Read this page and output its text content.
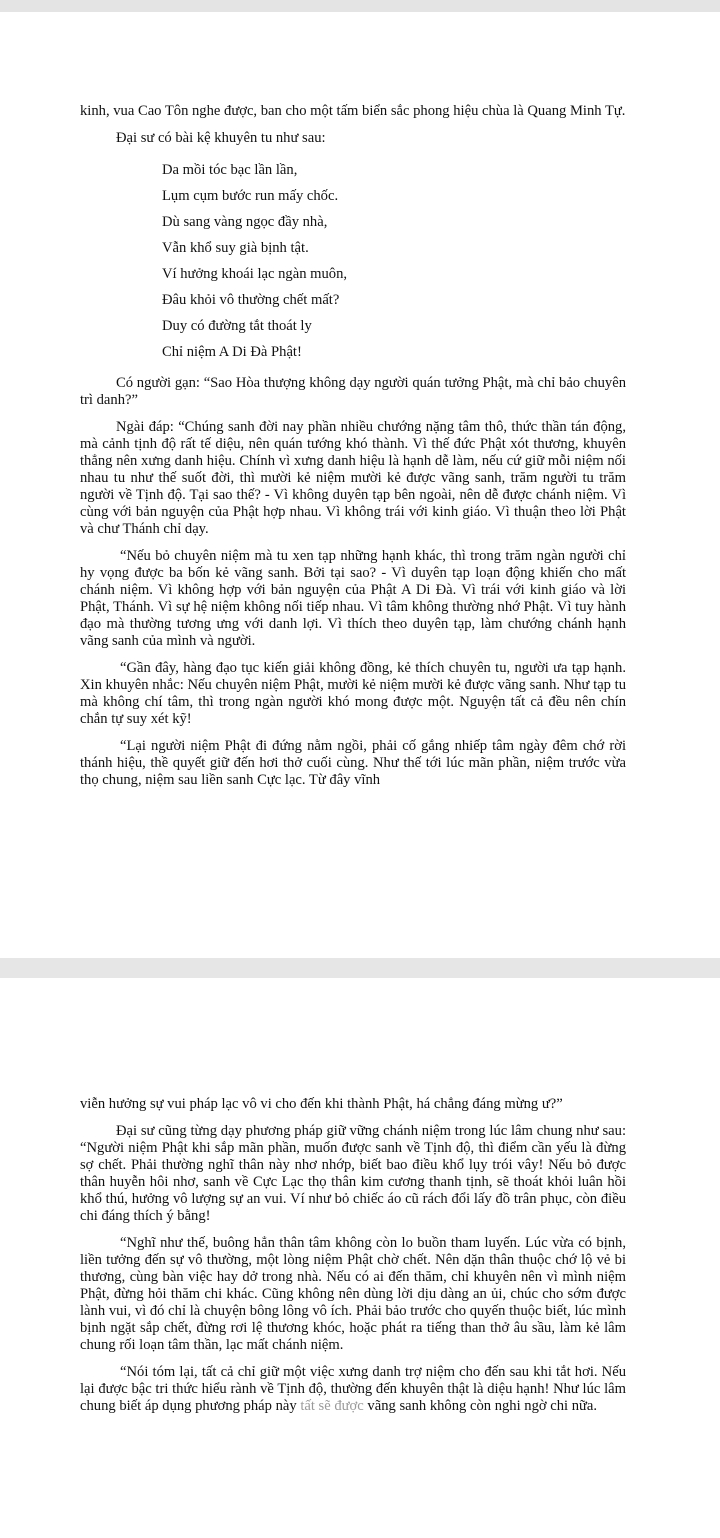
kinh, vua Cao Tôn nghe được, ban cho một tấm biển sắc phong hiệu chùa là Quang Minh Tự.

Đại sư có bài kệ khuyên tu như sau:

Da mồi tóc bạc lần lần,
Lụm cụm bước run mấy chốc.
Dù sang vàng ngọc đầy nhà,
Vẫn khổ suy già bịnh tật.
Ví hưởng khoái lạc ngàn muôn,
Đâu khỏi vô thường chết mất?
Duy có đường tắt thoát ly
Chỉ niệm A Di Đà Phật!

Có người gạn: “Sao Hòa thượng không dạy người quán tưởng Phật, mà chỉ bảo chuyên trì danh?”

Ngài đáp: “Chúng sanh đời nay phần nhiều chướng nặng tâm thô, thức thần tán động, mà cảnh tịnh độ rất tế diệu, nên quán tướng khó thành. Vì thế đức Phật xót thương, khuyên thẳng nên xưng danh hiệu. Chính vì xưng danh hiệu là hạnh dễ làm, nếu cứ giữ mỗi niệm nối nhau tu như thế suốt đời, thì mười kẻ niệm mười kẻ được vãng sanh, trăm người tu trăm người về Tịnh độ. Tại sao thế? - Vì không duyên tạp bên ngoài, nên dễ được chánh niệm. Vì cùng với bản nguyện của Phật hợp nhau. Vì không trái với kinh giáo. Vì thuận theo lời Phật và chư Thánh chỉ dạy.

“Nếu bỏ chuyên niệm mà tu xen tạp những hạnh khác, thì trong trăm ngàn người chỉ hy vọng được ba bốn kẻ vãng sanh. Bởi tại sao? - Vì duyên tạp loạn động khiến cho mất chánh niệm. Vì không hợp với bản nguyện của Phật A Di Đà. Vì trái với kinh giáo và lời Phật, Thánh. Vì sự hệ niệm không nối tiếp nhau. Vì tâm không thường nhớ Phật. Vì tuy hành đạo mà thường tương ưng với danh lợi. Vì thích theo duyên tạp, làm chướng chánh hạnh vãng sanh của mình và người.

“Gần đây, hàng đạo tục kiến giải không đồng, kẻ thích chuyên tu, người ưa tạp hạnh. Xin khuyên nhắc: Nếu chuyên niệm Phật, mười kẻ niệm mười kẻ được vãng sanh. Như tạp tu mà không chí tâm, thì trong ngàn người khó mong được một. Nguyện tất cả đều nên chín chắn tự suy xét kỹ!

“Lại người niệm Phật đi đứng nằm ngồi, phải cố gắng nhiếp tâm ngày đêm chớ rời thánh hiệu, thề quyết giữ đến hơi thở cuối cùng. Như thế tới lúc mãn phần, niệm trước vừa thọ chung, niệm sau liền sanh Cực lạc. Từ đây vĩnh

viễn hưởng sự vui pháp lạc vô vi cho đến khi thành Phật, há chẳng đáng mừng ư?”

Đại sư cũng từng dạy phương pháp giữ vững chánh niệm trong lúc lâm chung như sau: “Người niệm Phật khi sắp mãn phần, muốn được sanh về Tịnh độ, thì điểm cần yếu là đừng sợ chết. Phải thường nghĩ thân này nhơ nhớp, biết bao điều khổ lụy trói vây! Nếu bỏ được thân huyễn hôi nhơ, sanh về Cực Lạc thọ thân kim cương thanh tịnh, sẽ thoát khỏi luân hồi khổ thú, hưởng vô lượng sự an vui. Ví như bỏ chiếc áo cũ rách đổi lấy đồ trân phục, còn điều chi đáng thích ý bằng!

“Nghĩ như thế, buông hẳn thân tâm không còn lo buồn tham luyến. Lúc vừa có bịnh, liền tưởng đến sự vô thường, một lòng niệm Phật chờ chết. Nên dặn thân thuộc chớ lộ vẻ bi thương, cùng bàn việc hay dở trong nhà. Nếu có ai đến thăm, chỉ khuyên nên vì mình niệm Phật, đừng hỏi thăm chi khác. Cũng không nên dùng lời dịu dàng an ủi, chúc cho sớm được lành vui, vì đó chỉ là chuyện bông lông vô ích. Phải bảo trước cho quyến thuộc biết, lúc mình bịnh ngặt sắp chết, đừng rơi lệ thương khóc, hoặc phát ra tiếng than thở âu sầu, làm kẻ lâm chung rối loạn tâm thần, lạc mất chánh niệm.

“Nói tóm lại, tất cả chỉ giữ một việc xưng danh trợ niệm cho đến sau khi tắt hơi. Nếu lại được bậc tri thức hiểu rành về Tịnh độ, thường đến khuyên thật là diệu hạnh! Như lúc lâm chung biết áp dụng phương pháp này tất sẽ được vãng sanh không còn nghi ngờ chi nữa.
